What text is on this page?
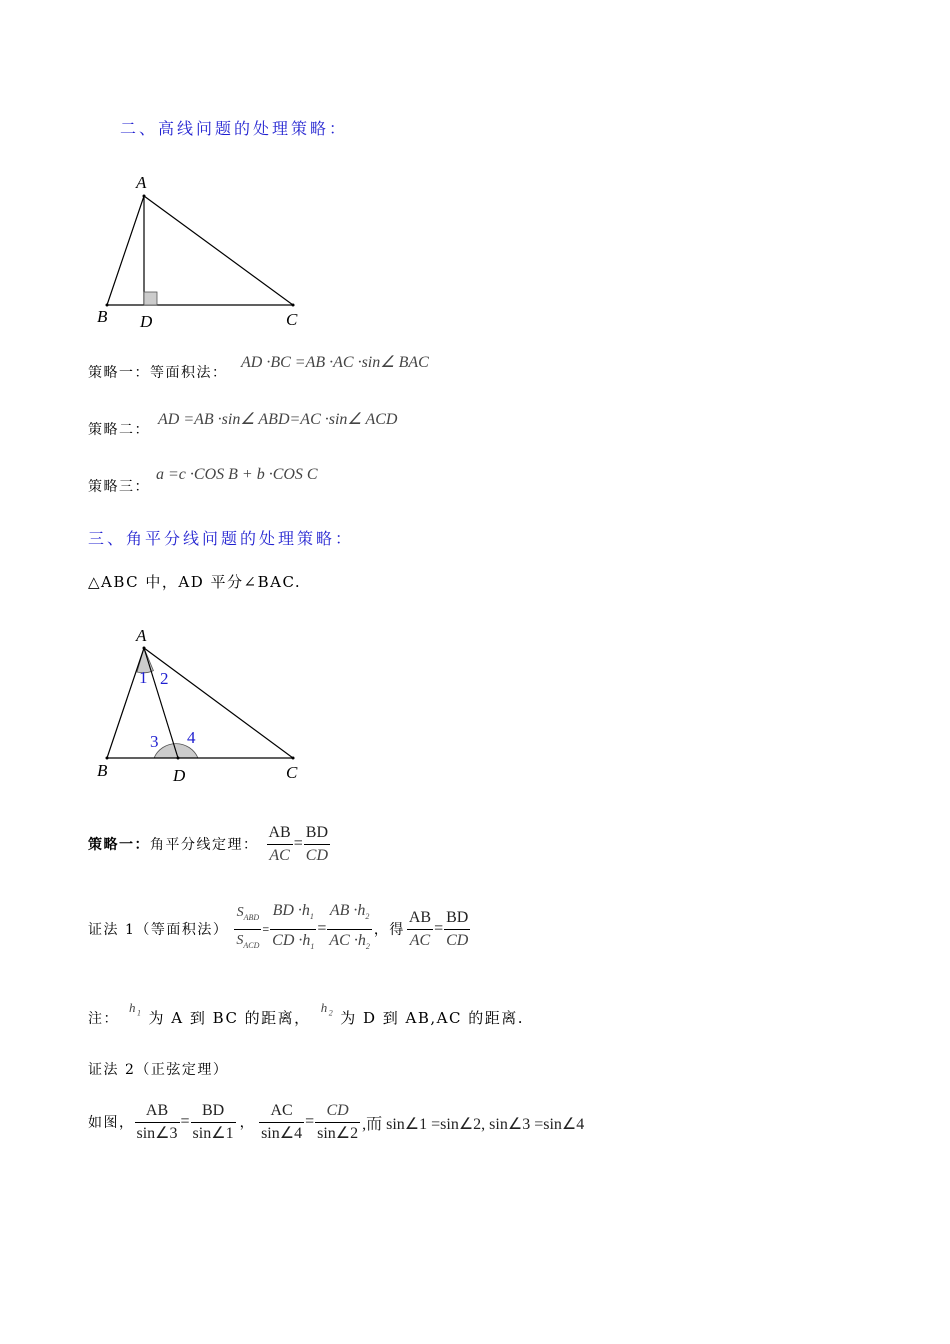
二、高线问题的处理策略：
A
B D	C
策略一：等面积法：
AD ·BC =AB ·AC ·sin∠ BAC
策略二：
AD =AB ·sin∠ ABD=AC ·sin∠ ACD
策略三：
a =c ·COS B + b ·COS C
三、角平分线问题的处理策略：
△ABC 中，AD 平分∠BAC.
A
B	D	C
1 2
3 4
策略一： 角平分线定理： $\frac{AB}{AC} = \frac{BD}{CD}$
证法 1（等面积法） $\frac{S_{ABD}}{S_{ACD}} = \frac{BD \cdot h_1}{CD \cdot h_1} = \frac{AB \cdot h_2}{AC \cdot h_2}$ ，得 $\frac{AB}{AC} = \frac{BD}{CD}$
注：
$h_1$ 为 A 到 BC 的距离，
$h_2$ 为 D 到 AB,AC 的距离.
证法 2（正弦定理）
如图， $\frac{AB}{\sin\angle 3} = \frac{BD}{\sin\angle 1}$ ， $\frac{AC}{\sin\angle 4} = \frac{CD}{\sin\angle 2}$ ,而 sin∠1 =sin∠2, sin∠3 =sin∠4
